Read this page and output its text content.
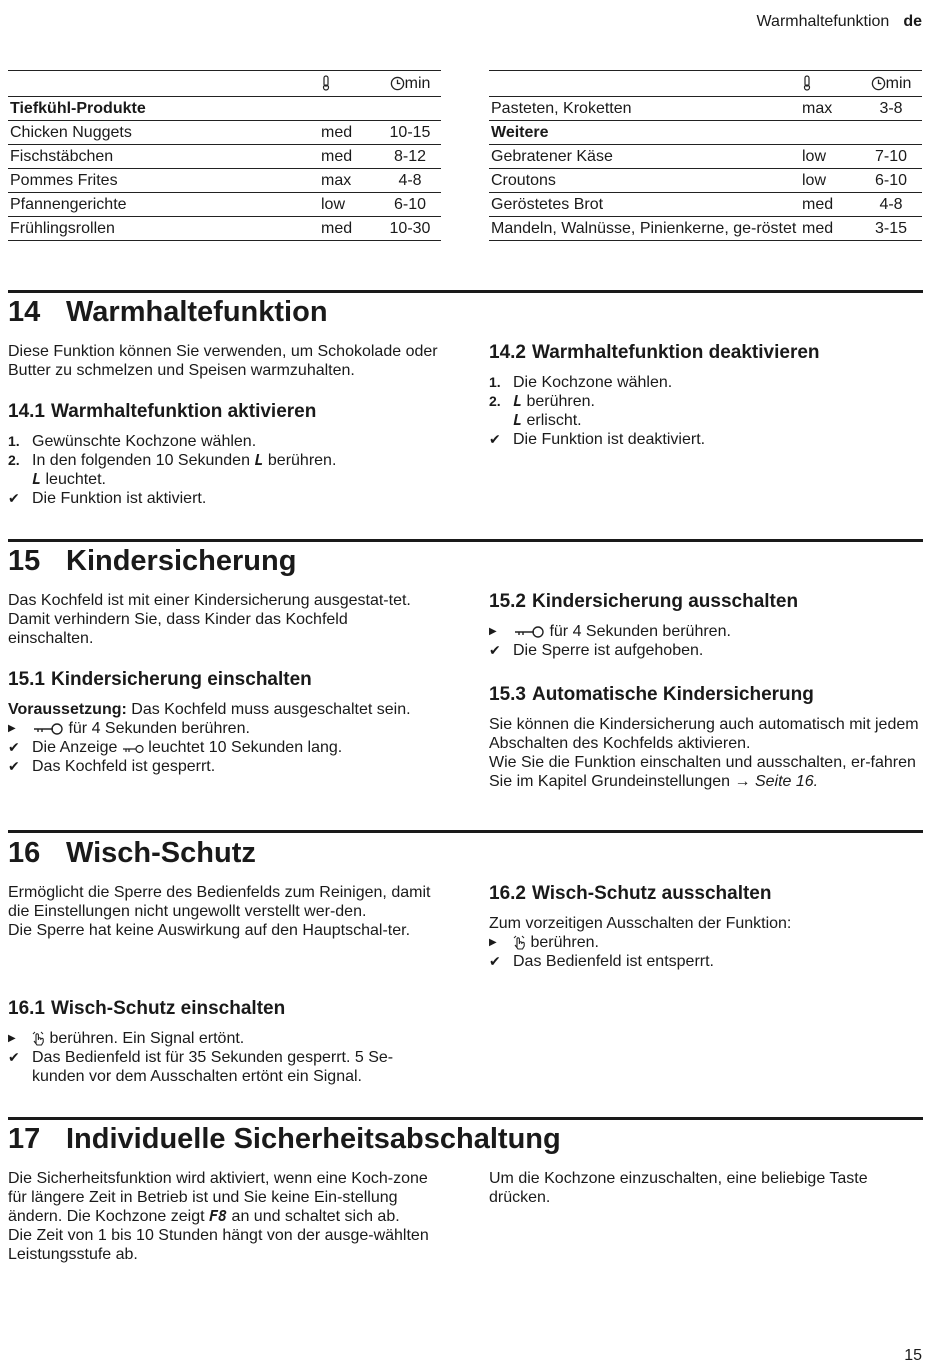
Warmhaltefunktion de
		min
Tiefkühl-Produkte		
Chicken Nuggets	med	10-15
Fischstäbchen	med	8-12
Pommes Frites	max	4-8
Pfannengerichte	low	6-10
Frühlingsrollen	med	10-30
		min
Pasteten, Kroketten	max	3-8
Weitere		
Gebratener Käse	low	7-10
Croutons	low	6-10
Geröstetes Brot	med	4-8
Mandeln, Walnüsse, Pinienkerne, ge-röstet	med	3-15
14 Warmhaltefunktion
Diese Funktion können Sie verwenden, um Schokolade oder Butter zu schmelzen und Speisen warmzuhalten.
14.1 Warmhaltefunktion aktivieren
1. Gewünschte Kochzone wählen.
2. In den folgenden 10 Sekunden L berühren.
L leuchtet.
✔ Die Funktion ist aktiviert.
14.2 Warmhaltefunktion deaktivieren
1. Die Kochzone wählen.
2. L berühren.
L erlischt.
✔ Die Funktion ist deaktiviert.
15 Kindersicherung
Das Kochfeld ist mit einer Kindersicherung ausgestat-tet. Damit verhindern Sie, dass Kinder das Kochfeld einschalten.
15.1 Kindersicherung einschalten
Voraussetzung: Das Kochfeld muss ausgeschaltet sein.
▶	für 4 Sekunden berühren.
✔ Die Anzeige leuchtet 10 Sekunden lang.
✔ Das Kochfeld ist gesperrt.
15.2 Kindersicherung ausschalten
▶	für 4 Sekunden berühren.
✔ Die Sperre ist aufgehoben.
15.3 Automatische Kindersicherung
Sie können die Kindersicherung auch automatisch mit jedem Abschalten des Kochfelds aktivieren.
Wie Sie die Funktion einschalten und ausschalten, er-fahren Sie im Kapitel Grundeinstellungen → Seite 16.
16 Wisch-Schutz
Ermöglicht die Sperre des Bedienfelds zum Reinigen, damit die Einstellungen nicht ungewollt verstellt wer-den.
Die Sperre hat keine Auswirkung auf den Hauptschal-ter.
16.1 Wisch-Schutz einschalten
▶ berühren. Ein Signal ertönt.
✔ Das Bedienfeld ist für 35 Sekunden gesperrt. 5 Se-kunden vor dem Ausschalten ertönt ein Signal.
16.2 Wisch-Schutz ausschalten
Zum vorzeitigen Ausschalten der Funktion:
▶ berühren.
✔ Das Bedienfeld ist entsperrt.
17 Individuelle Sicherheitsabschaltung
Die Sicherheitsfunktion wird aktiviert, wenn eine Koch-zone für längere Zeit in Betrieb ist und Sie keine Ein-stellung ändern. Die Kochzone zeigt F8 an und schaltet sich ab.
Die Zeit von 1 bis 10 Stunden hängt von der ausge-wählten Leistungsstufe ab.
Um die Kochzone einzuschalten, eine beliebige Taste drücken.
15
